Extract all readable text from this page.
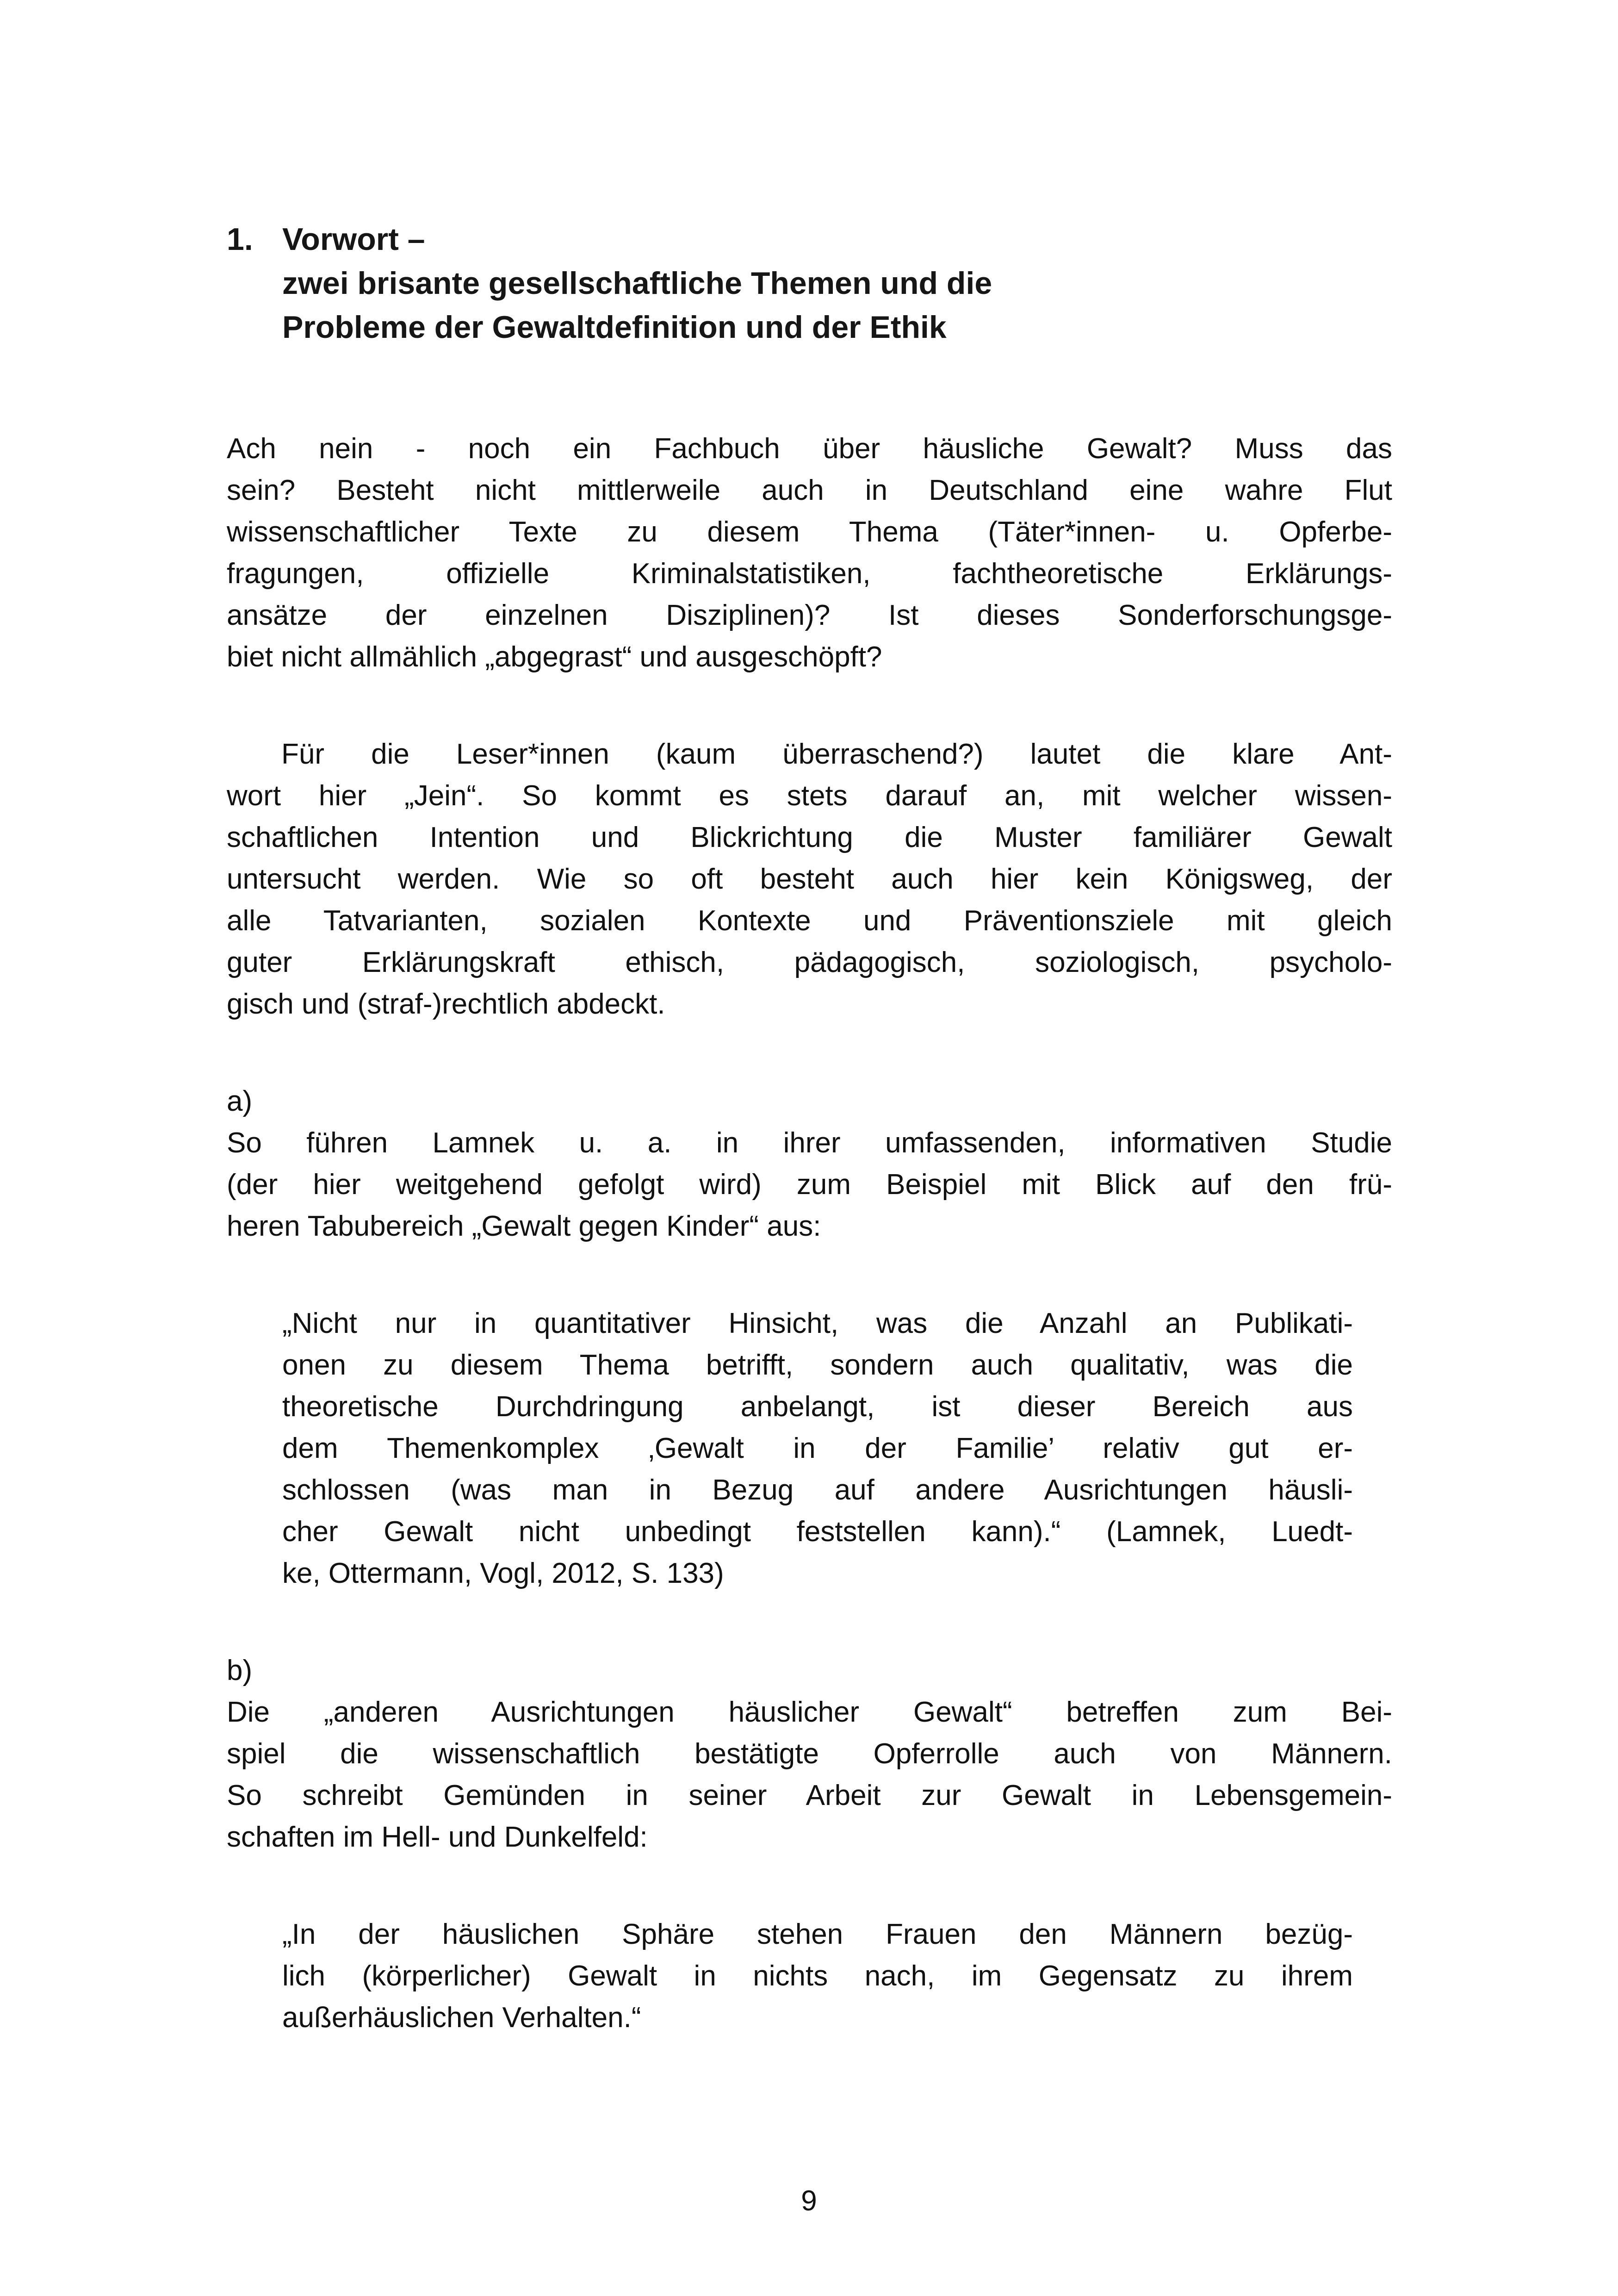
1. Vorwort –
zwei brisante gesellschaftliche Themen und die
Probleme der Gewaltdefinition und der Ethik
Ach nein - noch ein Fachbuch über häusliche Gewalt? Muss das
sein? Besteht nicht mittlerweile auch in Deutschland eine wahre Flut
wissenschaftlicher Texte zu diesem Thema (Täter*innen- u. Opferbe-
fragungen, offizielle Kriminalstatistiken, fachtheoretische Erklärungs-
ansätze der einzelnen Disziplinen)? Ist dieses Sonderforschungsge-
biet nicht allmählich „abgegrast“ und ausgeschöpft?
Für die Leser*innen (kaum überraschend?) lautet die klare Ant-
wort hier „Jein“. So kommt es stets darauf an, mit welcher wissen-
schaftlichen Intention und Blickrichtung die Muster familiärer Gewalt
untersucht werden. Wie so oft besteht auch hier kein Königsweg, der
alle Tatvarianten, sozialen Kontexte und Präventionsziele mit gleich
guter Erklärungskraft ethisch, pädagogisch, soziologisch, psycholo-
gisch und (straf-)rechtlich abdeckt.
a)
So führen Lamnek u. a. in ihrer umfassenden, informativen Studie
(der hier weitgehend gefolgt wird) zum Beispiel mit Blick auf den frü-
heren Tabubereich „Gewalt gegen Kinder“ aus:
„Nicht nur in quantitativer Hinsicht, was die Anzahl an Publikati-
onen zu diesem Thema betrifft, sondern auch qualitativ, was die
theoretische Durchdringung anbelangt, ist dieser Bereich aus
dem Themenkomplex ‚Gewalt in der Familie’ relativ gut er-
schlossen (was man in Bezug auf andere Ausrichtungen häusli-
cher Gewalt nicht unbedingt feststellen kann).“ (Lamnek, Luedt-
ke, Ottermann, Vogl, 2012, S. 133)
b)
Die „anderen Ausrichtungen häuslicher Gewalt“ betreffen zum Bei-
spiel die wissenschaftlich bestätigte Opferrolle auch von Männern.
So schreibt Gemünden in seiner Arbeit zur Gewalt in Lebensgemein-
schaften im Hell- und Dunkelfeld:
„In der häuslichen Sphäre stehen Frauen den Männern bezüg-
lich (körperlicher) Gewalt in nichts nach, im Gegensatz zu ihrem
außerhäuslichen Verhalten.“
9
